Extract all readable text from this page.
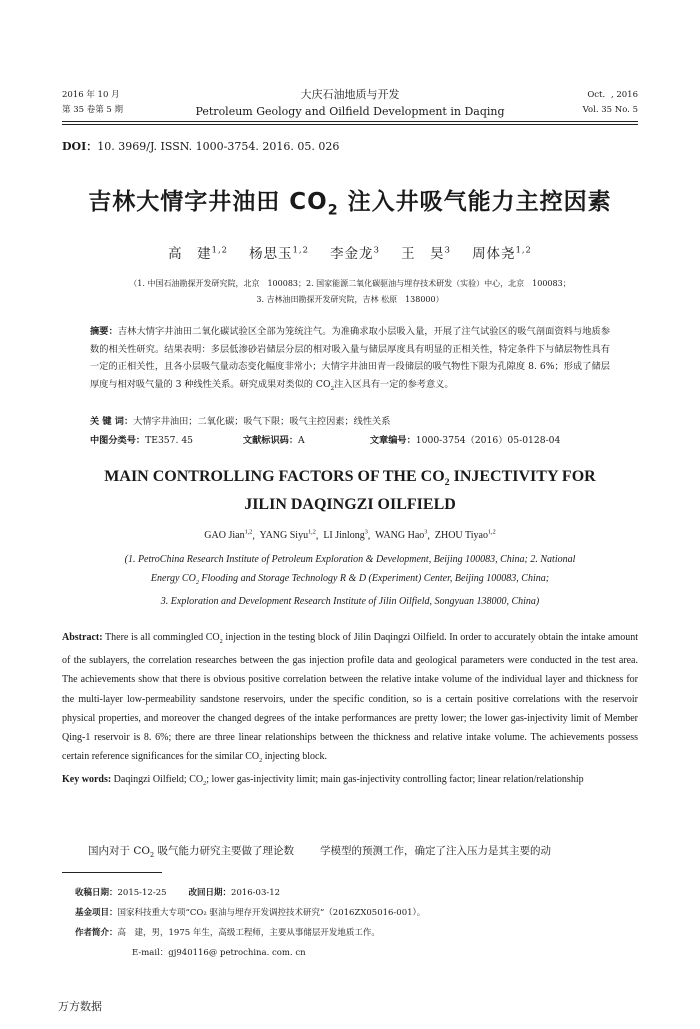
2016 年 10 月
第 35 卷第 5 期
大庆石油地质与开发
Petroleum Geology and Oilfield Development in Daqing
Oct．, 2016
Vol. 35 No. 5
DOI：10. 3969/J. ISSN. 1000-3754. 2016. 05. 026
吉林大情字井油田 $CO_2$ 注入井吸气能力主控因素
高　建$^{1,2}$ 杨思玉$^{1,2}$ 李金龙$^3$ 王　昊$^3$ 周体尧$^{1,2}$
（1. 中国石油勘探开发研究院，北京　100083；2. 国家能源二氧化碳驱油与埋存技术研发（实验）中心，北京　100083；
3. 吉林油田勘探开发研究院，吉林 松原　138000）
摘要：吉林大情字井油田二氧化碳试验区全部为笼统注气。为准确求取小层吸入量，开展了注气试验区的吸气剖面资料与地质参数的相关性研究。结果表明：多层低渗砂岩储层分层的相对吸入量与储层厚度具有明显的正相关性，特定条件下与储层物性具有一定的正相关性，且各小层吸气量动态变化幅度非常小；大情字井油田青一段储层的吸气物性下限为孔隙度 8. 6%；形成了储层厚度与相对吸气量的 3 种线性关系。研究成果对类似的 $CO_2$注入区具有一定的参考意义。
关 键 词：大情字井油田；二氧化碳；吸气下限；吸气主控因素；线性关系
中图分类号：TE357. 45	文献标识码：A	文章编号：1000-3754（2016）05-0128-04
MAIN CONTROLLING FACTORS OF THE $CO_2$ INJECTIVITY FOR
JILIN DAQINGZI OILFIELD
GAO Jian$^{1,2}$,  YANG Siyu$^{1,2}$,  LI Jinlong$^3$,  WANG Hao$^3$,  ZHOU Tiyao$^{1,2}$
(1. PetroChina Research Institute of Petroleum Exploration & Development, Beijing 100083, China; 2. National
Energy $CO_2$ Flooding and Storage Technology R & D (Experiment) Center, Beijing 100083, China;
3. Exploration and Development Research Institute of Jilin Oilfield, Songyuan 138000, China)
Abstract: There is all commingled $CO_2$ injection in the testing block of Jilin Daqingzi Oilfield. In order to accurately obtain the intake amount of the sublayers, the correlation researches between the gas injection profile data and geological parameters were conducted in the test area. The achievements show that there is obvious positive correlation between the relative intake volume of the individual layer and thickness for the multi-layer low-permeability sandstone reservoirs, under the specific condition, so is a certain positive correlations with the reservoir physical properties, and moreover the changed degrees of the intake performances are pretty lower; the lower gas-injectivity limit of Member Qing-1 reservoir is 8. 6%; there are three linear relationships between the thickness and relative intake volume. The achievements possess certain reference significances for the similar $CO_2$ injecting block.
Key words: Daqingzi Oilfield; $CO_2$; lower gas-injectivity limit; main gas-injectivity controlling factor; linear relation/relationship
国内对于 $CO_2$ 吸气能力研究主要做了理论数 学模型的预测工作，确定了注入压力是其主要的动
收稿日期：2015-12-25	改回日期：2016-03-12
基金项目：国家科技重大专项“CO₂ 驱油与埋存开发调控技术研究”（2016ZX05016-001）。
作者简介：高　建，男，1975 年生，高级工程师，主要从事储层开发地质工作。
E-mail：gj940116@ petrochina. com. cn
万方数据
